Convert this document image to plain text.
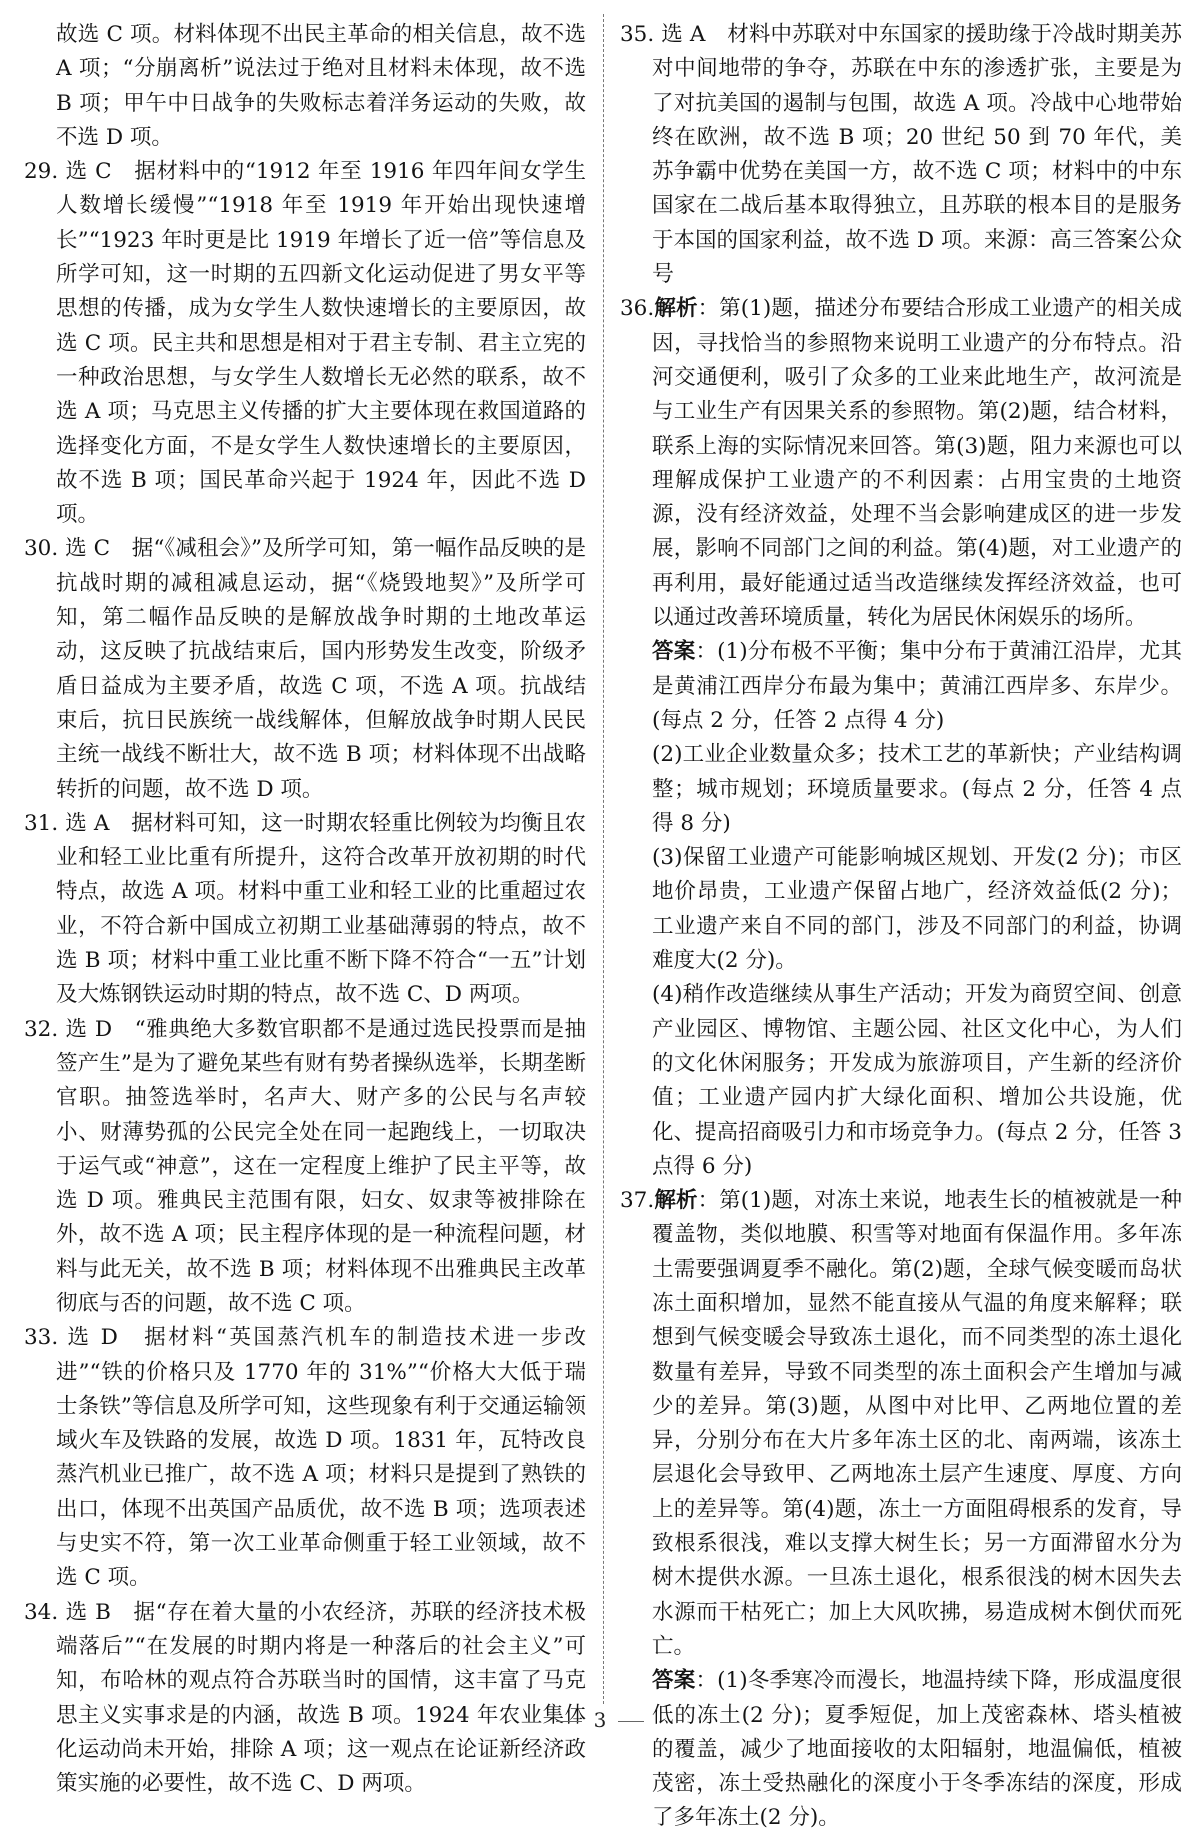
故选 C 项。材料体现不出民主革命的相关信息，故不选 A 项；“分崩离析”说法过于绝对且材料未体现，故不选 B 项；甲午中日战争的失败标志着洋务运动的失败，故不选 D 项。

29. 选 C　据材料中的“1912 年至 1916 年四年间女学生人数增长缓慢”“1918 年至 1919 年开始出现快速增长”“1923 年时更是比 1919 年增长了近一倍”等信息及所学可知，这一时期的五四新文化运动促进了男女平等思想的传播，成为女学生人数快速增长的主要原因，故选 C 项。民主共和思想是相对于君主专制、君主立宪的一种政治思想，与女学生人数增长无必然的联系，故不选 A 项；马克思主义传播的扩大主要体现在救国道路的选择变化方面，不是女学生人数快速增长的主要原因，故不选 B 项；国民革命兴起于 1924 年，因此不选 D 项。

30. 选 C　据“《减租会》”及所学可知，第一幅作品反映的是抗战时期的减租减息运动，据“《烧毁地契》”及所学可知，第二幅作品反映的是解放战争时期的土地改革运动，这反映了抗战结束后，国内形势发生改变，阶级矛盾日益成为主要矛盾，故选 C 项，不选 A 项。抗战结束后，抗日民族统一战线解体，但解放战争时期人民民主统一战线不断壮大，故不选 B 项；材料体现不出战略转折的问题，故不选 D 项。

31. 选 A　据材料可知，这一时期农轻重比例较为均衡且农业和轻工业比重有所提升，这符合改革开放初期的时代特点，故选 A 项。材料中重工业和轻工业的比重超过农业，不符合新中国成立初期工业基础薄弱的特点，故不选 B 项；材料中重工业比重不断下降不符合“一五”计划及大炼钢铁运动时期的特点，故不选 C、D 两项。

32. 选 D　“雅典绝大多数官职都不是通过选民投票而是抽签产生”是为了避免某些有财有势者操纵选举，长期垄断官职。抽签选举时，名声大、财产多的公民与名声较小、财薄势孤的公民完全处在同一起跑线上，一切取决于运气或“神意”，这在一定程度上维护了民主平等，故选 D 项。雅典民主范围有限，妇女、奴隶等被排除在外，故不选 A 项；民主程序体现的是一种流程问题，材料与此无关，故不选 B 项；材料体现不出雅典民主改革彻底与否的问题，故不选 C 项。

33. 选 D　据材料“英国蒸汽机车的制造技术进一步改进”“铁的价格只及 1770 年的 31%”“价格大大低于瑞士条铁”等信息及所学可知，这些现象有利于交通运输领域火车及铁路的发展，故选 D 项。1831 年，瓦特改良蒸汽机业已推广，故不选 A 项；材料只是提到了熟铁的出口，体现不出英国产品质优，故不选 B 项；选项表述与史实不符，第一次工业革命侧重于轻工业领域，故不选 C 项。

34. 选 B　据“存在着大量的小农经济，苏联的经济技术极端落后”“在发展的时期内将是一种落后的社会主义”可知，布哈林的观点符合苏联当时的国情，这丰富了马克思主义实事求是的内涵，故选 B 项。1924 年农业集体化运动尚未开始，排除 A 项；这一观点在论证新经济政策实施的必要性，故不选 C、D 两项。

35. 选 A　材料中苏联对中东国家的援助缘于冷战时期美苏对中间地带的争夺，苏联在中东的渗透扩张，主要是为了对抗美国的遏制与包围，故选 A 项。冷战中心地带始终在欧洲，故不选 B 项；20 世纪 50 到 70 年代，美苏争霸中优势在美国一方，故不选 C 项；材料中的中东国家在二战后基本取得独立，且苏联的根本目的是服务于本国的国家利益，故不选 D 项。来源：高三答案公众号

36.解析：第(1)题，描述分布要结合形成工业遗产的相关成因，寻找恰当的参照物来说明工业遗产的分布特点。沿河交通便利，吸引了众多的工业来此地生产，故河流是与工业生产有因果关系的参照物。第(2)题，结合材料，联系上海的实际情况来回答。第(3)题，阻力来源也可以理解成保护工业遗产的不利因素：占用宝贵的土地资源，没有经济效益，处理不当会影响建成区的进一步发展，影响不同部门之间的利益。第(4)题，对工业遗产的再利用，最好能通过适当改造继续发挥经济效益，也可以通过改善环境质量，转化为居民休闲娱乐的场所。

答案：(1)分布极不平衡；集中分布于黄浦江沿岸，尤其是黄浦江西岸分布最为集中；黄浦江西岸多、东岸少。(每点 2 分，任答 2 点得 4 分)

(2)工业企业数量众多；技术工艺的革新快；产业结构调整；城市规划；环境质量要求。(每点 2 分，任答 4 点得 8 分)

(3)保留工业遗产可能影响城区规划、开发(2 分)；市区地价昂贵，工业遗产保留占地广，经济效益低(2 分)；工业遗产来自不同的部门，涉及不同部门的利益，协调难度大(2 分)。

(4)稍作改造继续从事生产活动；开发为商贸空间、创意产业园区、博物馆、主题公园、社区文化中心，为人们的文化休闲服务；开发成为旅游项目，产生新的经济价值；工业遗产园内扩大绿化面积、增加公共设施，优化、提高招商吸引力和市场竞争力。(每点 2 分，任答 3 点得 6 分)

37.解析：第(1)题，对冻土来说，地表生长的植被就是一种覆盖物，类似地膜、积雪等对地面有保温作用。多年冻土需要强调夏季不融化。第(2)题，全球气候变暖而岛状冻土面积增加，显然不能直接从气温的角度来解释；联想到气候变暖会导致冻土退化，而不同类型的冻土退化数量有差异，导致不同类型的冻土面积会产生增加与减少的差异。第(3)题，从图中对比甲、乙两地位置的差异，分别分布在大片多年冻土区的北、南两端，该冻土层退化会导致甲、乙两地冻土层产生速度、厚度、方向上的差异等。第(4)题，冻土一方面阻碍根系的发育，导致根系很浅，难以支撑大树生长；另一方面滞留水分为树木提供水源。一旦冻土退化，根系很浅的树木因失去水源而干枯死亡；加上大风吹拂，易造成树木倒伏而死亡。

答案：(1)冬季寒冷而漫长，地温持续下降，形成温度很低的冻土(2 分)；夏季短促，加上茂密森林、塔头植被的覆盖，减少了地面接收的太阳辐射，地温偏低，植被茂密，冻土受热融化的深度小于冬季冻结的深度，形成了多年冻土(2 分)。

3
